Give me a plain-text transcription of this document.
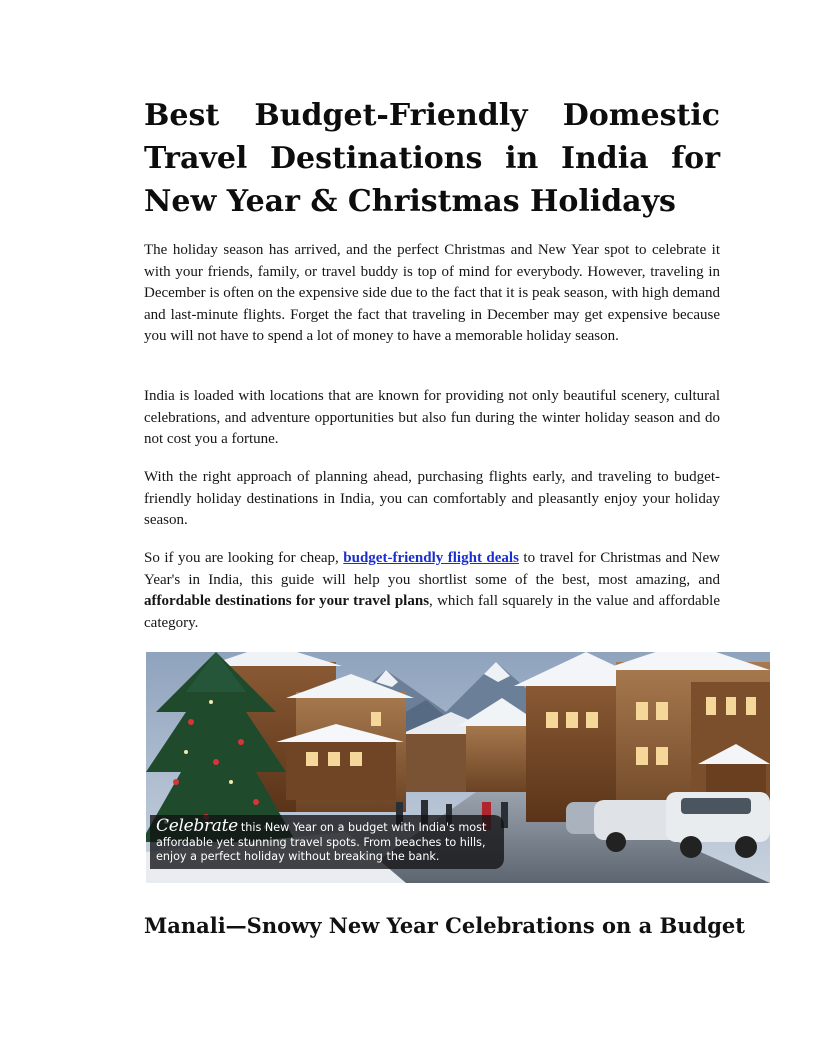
Best Budget-Friendly Domestic Travel Destinations in India for New Year & Christmas Holidays

The holiday season has arrived, and the perfect Christmas and New Year spot to celebrate it with your friends, family, or travel buddy is top of mind for everybody. However, traveling in December is often on the expensive side due to the fact that it is peak season, with high demand and last-minute flights. Forget the fact that traveling in December may get expensive because you will not have to spend a lot of money to have a memorable holiday season.

India is loaded with locations that are known for providing not only beautiful scenery, cultural celebrations, and adventure opportunities but also fun during the winter holiday season and do not cost you a fortune.

With the right approach of planning ahead, purchasing flights early, and traveling to budget-friendly holiday destinations in India, you can comfortably and pleasantly enjoy your holiday season.

So if you are looking for cheap, budget-friendly flight deals to travel for Christmas and New Year's in India, this guide will help you shortlist some of the best, most amazing, and affordable destinations for your travel plans, which fall squarely in the value and affordable category.

Celebrate this New Year on a budget with India's most affordable yet stunning travel spots. From beaches to hills, enjoy a perfect holiday without breaking the bank.
Manali—Snowy New Year Celebrations on a Budget
